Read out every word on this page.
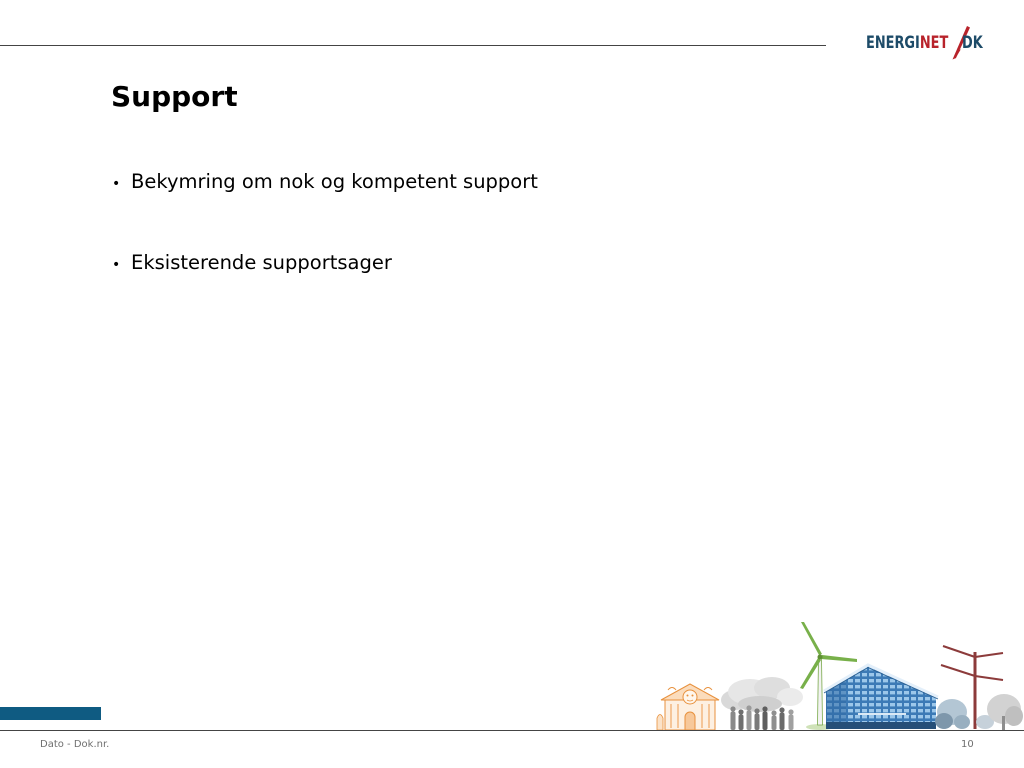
ENERGINET DK
Support
• Bekymring om nok og kompetent support
• Eksisterende supportsager
Dato - Dok.nr.	10
